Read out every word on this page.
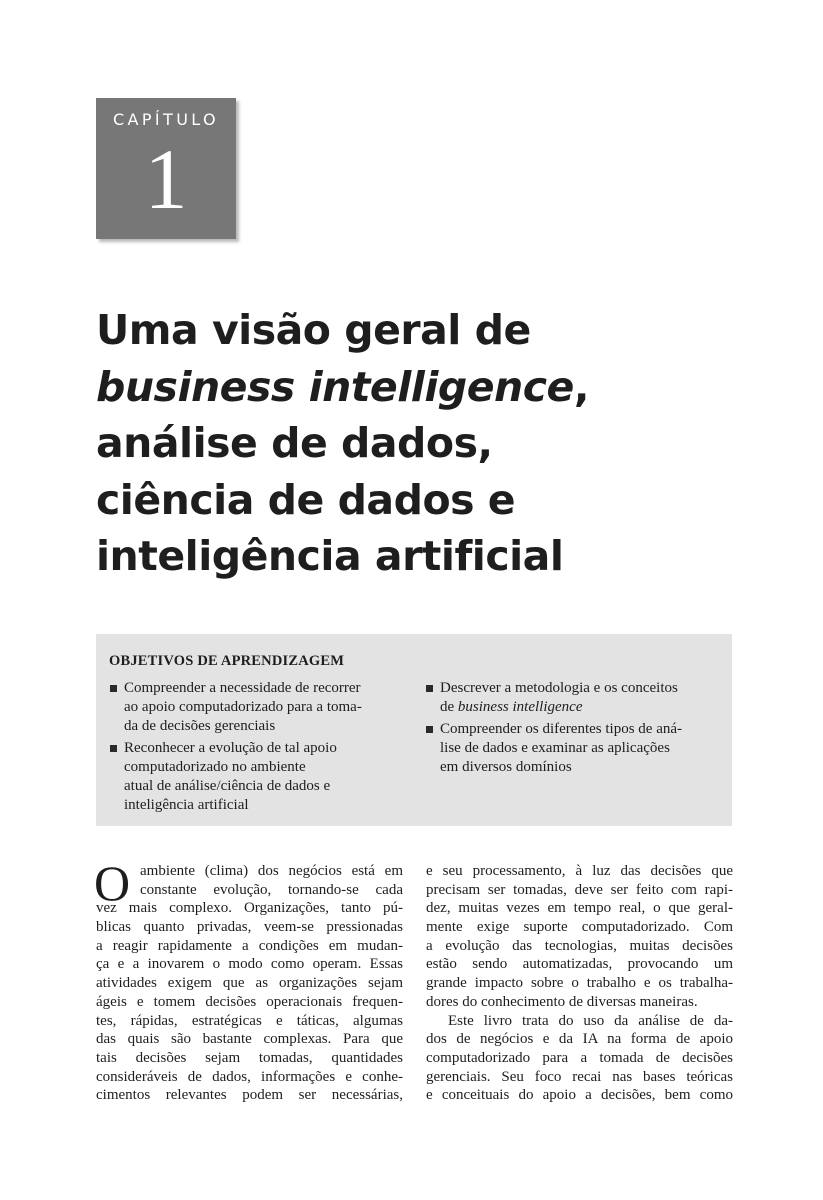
CAPÍTULO
1
Uma visão geral de
business intelligence,
análise de dados,
ciência de dados e
inteligência artificial
OBJETIVOS DE APRENDIZAGEM
Compreender a necessidade de recorrer
ao apoio computadorizado para a toma-
da de decisões gerenciais
Reconhecer a evolução de tal apoio
computadorizado no ambiente
atual de análise/ciência de dados e
inteligência artificial
Descrever a metodologia e os conceitos
de business intelligence
Compreender os diferentes tipos de aná-
lise de dados e examinar as aplicações
em diversos domínios
O ambiente (clima) dos negócios está em
constante evolução, tornando-se cada
vez mais complexo. Organizações, tanto pú-
blicas quanto privadas, veem-se pressionadas
a reagir rapidamente a condições em mudan-
ça e a inovarem o modo como operam. Essas
atividades exigem que as organizações sejam
ágeis e tomem decisões operacionais frequen-
tes, rápidas, estratégicas e táticas, algumas
das quais são bastante complexas. Para que
tais decisões sejam tomadas, quantidades
consideráveis de dados, informações e conhe-
cimentos relevantes podem ser necessárias,
e seu processamento, à luz das decisões que
precisam ser tomadas, deve ser feito com rapi-
dez, muitas vezes em tempo real, o que geral-
mente exige suporte computadorizado. Com
a evolução das tecnologias, muitas decisões
estão sendo automatizadas, provocando um
grande impacto sobre o trabalho e os trabalha-
dores do conhecimento de diversas maneiras.
Este livro trata do uso da análise de da-
dos de negócios e da IA na forma de apoio
computadorizado para a tomada de decisões
gerenciais. Seu foco recai nas bases teóricas
e conceituais do apoio a decisões, bem como
